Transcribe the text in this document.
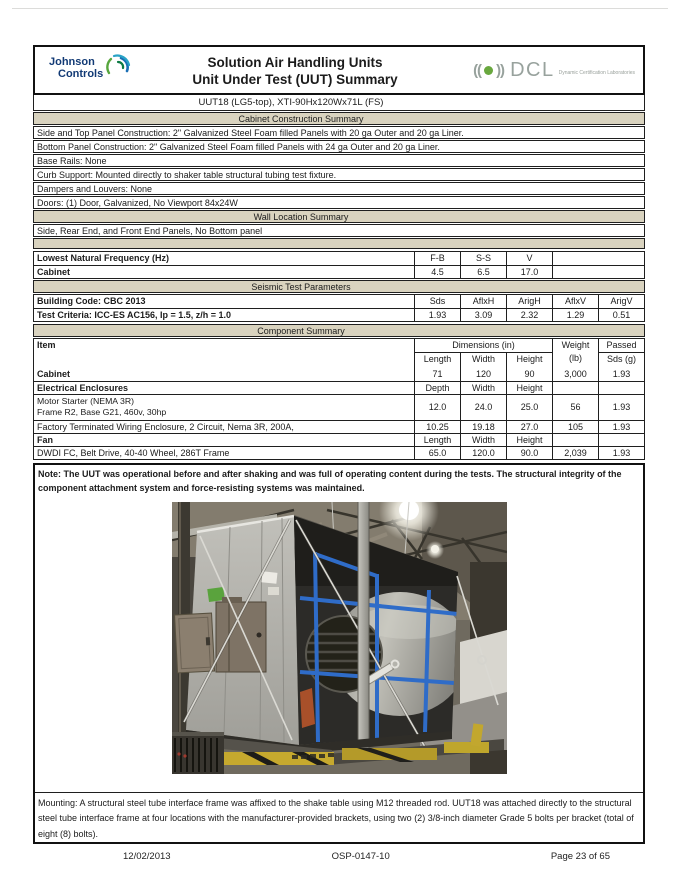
Johnson
Controls
Solution Air Handling Units
Unit Under Test (UUT) Summary
(( )) DCL Dynamic Certification Laboratories
UUT18 (LG5-top), XTI-90Hx120Wx71L (FS)
Cabinet Construction Summary
Side and Top Panel Construction: 2" Galvanized Steel Foam filled Panels with 20 ga Outer and 20 ga Liner.
Bottom Panel Construction: 2" Galvanized Steel Foam filled Panels with 24 ga Outer and 20 ga Liner.
Base Rails: None
Curb Support: Mounted directly to shaker table structural tubing test fixture.
Dampers and Louvers: None
Doors: (1) Door, Galvanized, No Viewport 84x24W
Wall Location Summary
Side, Rear End, and Front End Panels, No Bottom panel
Lowest Natural Frequency (Hz)	F-B	S-S	V
Cabinet	4.5	6.5	17.0
Seismic Test Parameters
Building Code: CBC 2013	Sds	AflxH	ArigH	AflxV	ArigV
Test Criteria: ICC-ES AC156, Ip = 1.5, z/h = 1.0	1.93	3.09	2.32	1.29	0.51
Component Summary
Item	Dimensions (in)
Length	Width	Height
Weight
(lb)
Passed
Sds (g)
Cabinet	71	120	90	3,000	1.93
Electrical Enclosures	Depth	Width	Height
Motor Starter (NEMA 3R)
Frame R2, Base G21, 460v, 30hp	12.0	24.0	25.0	56	1.93
Factory Terminated Wiring Enclosure, 2 Circuit, Nema 3R, 200A,	10.25	19.18	27.0	105	1.93
Fan	Length	Width	Height
DWDI FC, Belt Drive, 40-40 Wheel, 286T Frame	65.0	120.0	90.0	2,039	1.93
Note: The UUT was operational before and after shaking and was full of operating content during the tests. The structural integrity of the component attachment system and force-resisting systems was maintained.
Mounting: A structural steel tube interface frame was affixed to the shake table using M12 threaded rod. UUT18 was attached directly to the structural steel tube interface frame at four locations with the manufacturer-provided brackets, using two (2) 3/8-inch diameter Grade 5 bolts per bracket (total of eight (8) bolts).
12/02/2013	OSP-0147-10	Page 23 of 65
